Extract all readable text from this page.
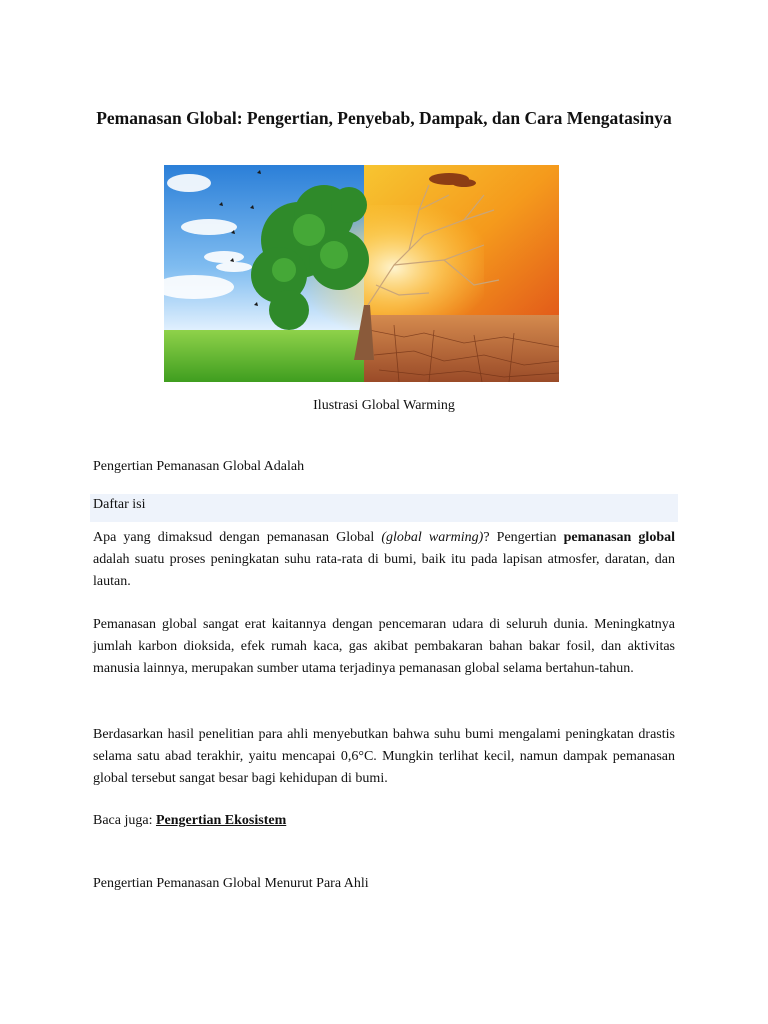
Pemanasan Global: Pengertian, Penyebab, Dampak, dan Cara Mengatasinya
Ilustrasi Global Warming
Pengertian Pemanasan Global Adalah
Daftar isi

Apa yang dimaksud dengan pemanasan Global (global warming)? Pengertian pemanasan global adalah suatu proses peningkatan suhu rata-rata di bumi, baik itu pada lapisan atmosfer, daratan, dan lautan.

Pemanasan global sangat erat kaitannya dengan pencemaran udara di seluruh dunia. Meningkatnya jumlah karbon dioksida, efek rumah kaca, gas akibat pembakaran bahan bakar fosil, dan aktivitas manusia lainnya, merupakan sumber utama terjadinya pemanasan global selama bertahun-tahun.

Berdasarkan hasil penelitian para ahli menyebutkan bahwa suhu bumi mengalami peningkatan drastis selama satu abad terakhir, yaitu mencapai 0,6°C. Mungkin terlihat kecil, namun dampak pemanasan global tersebut sangat besar bagi kehidupan di bumi.

Baca juga: Pengertian Ekosistem
Pengertian Pemanasan Global Menurut Para Ahli
